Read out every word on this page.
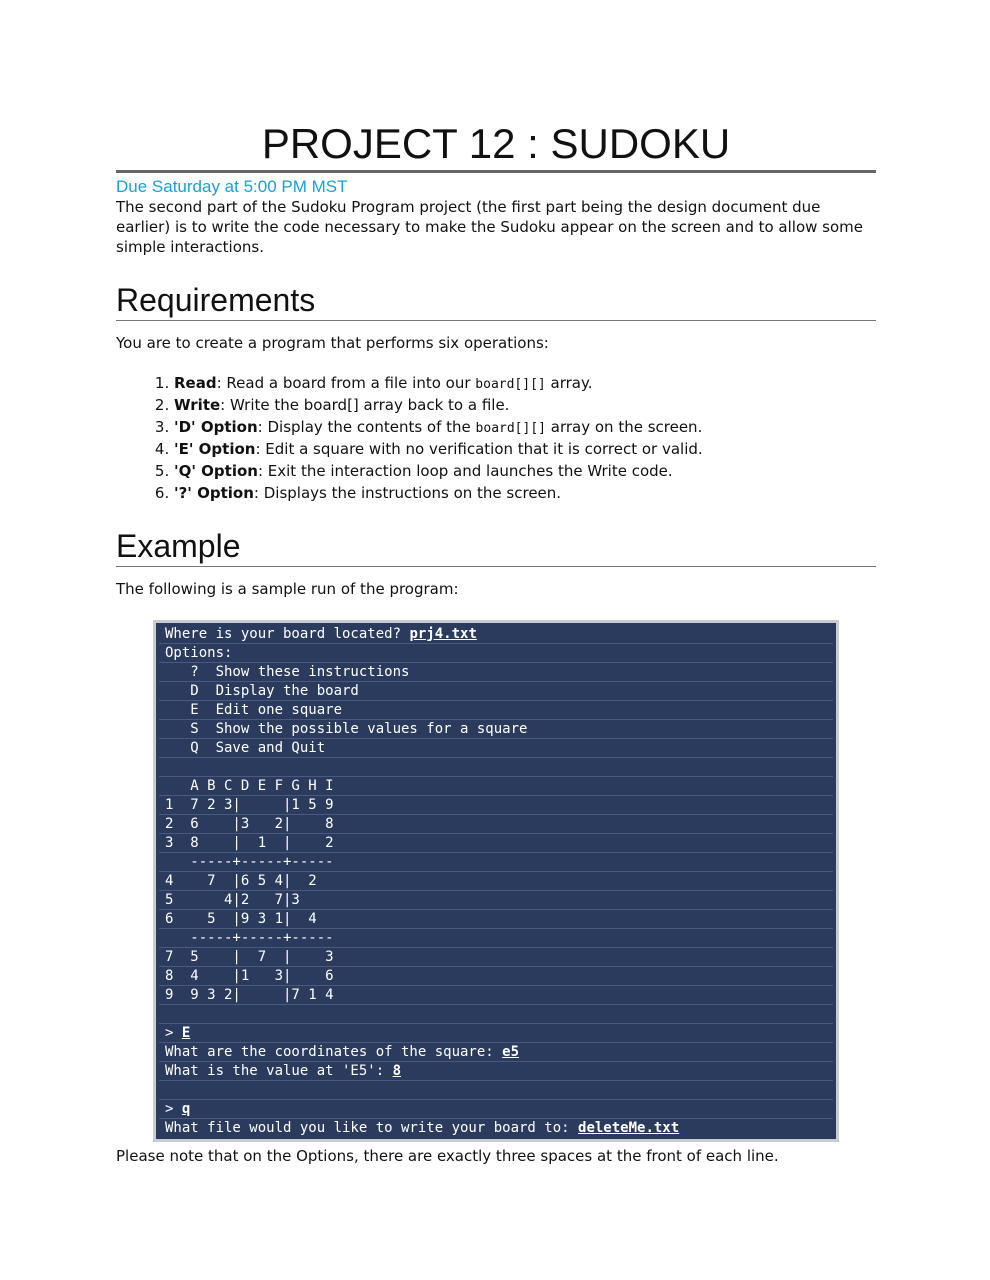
PROJECT 12 : SUDOKU
Due Saturday at 5:00 PM MST

The second part of the Sudoku Program project (the first part being the design document due earlier) is to write the code necessary to make the Sudoku appear on the screen and to allow some simple interactions.

Requirements

You are to create a program that performs six operations:

1. Read: Read a board from a file into our board[][] array.
2. Write: Write the board[] array back to a file.
3. 'D' Option: Display the contents of the board[][] array on the screen.
4. 'E' Option: Edit a square with no verification that it is correct or valid.
5. 'Q' Option: Exit the interaction loop and launches the Write code.
6. '?' Option: Displays the instructions on the screen.
Example

The following is a sample run of the program:

Where is your board located? prj4.txt
Options:
?  Show these instructions
D  Display the board
E  Edit one square
S  Show the possible values for a square
Q  Save and Quit
A B C D E F G H I
1  7 2 3|     |1 5 9
2  6    |3   2|    8
3  8    |  1  |    2
-----+-----+-----
4    7  |6 5 4|  2
5      4|2   7|3
6    5  |9 3 1|  4
-----+-----+-----
7  5    |  7  |    3
8  4    |1   3|    6
9  9 3 2|     |7 1 4
> E
What are the coordinates of the square: e5
What is the value at 'E5': 8
> q
What file would you like to write your board to: deleteMe.txt

Please note that on the Options, there are exactly three spaces at the front of each line.
